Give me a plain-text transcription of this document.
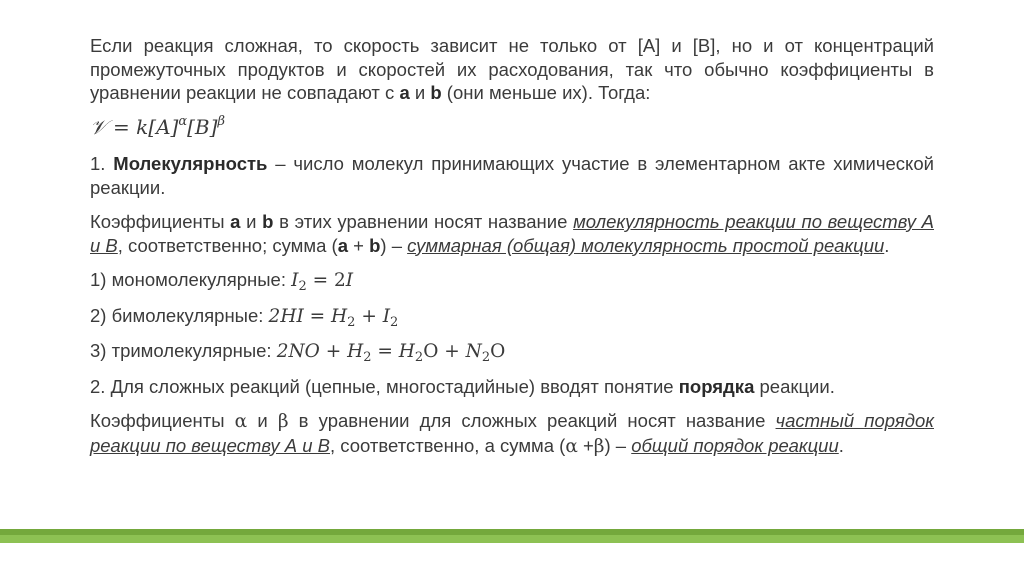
Если реакция сложная, то скорость зависит не только от [А] и [В], но и от концентраций промежуточных продуктов и скоростей их расходования, так что обычно коэффициенты в уравнении реакции не совпадают с а и b (они меньше их). Тогда:

𝒱 = $k[A]^\alpha[B]^\beta$

1. Молекулярность – число молекул принимающих участие в элементарном акте химической реакции.

Коэффициенты а и b в этих уравнении носят название молекулярность реакции по веществу А и В, соответственно; сумма (а + b) – суммарная (общая) молекулярность простой реакции.

1) мономолекулярные: $I_2 = 2I$

2) бимолекулярные: $2HI = H_2 + I_2$

3) тримолекулярные: $2NO + H_2 = H_2O + N_2O$

2. Для сложных реакций (цепные, многостадийные) вводят понятие порядка реакции.

Коэффициенты α и β в уравнении для сложных реакций носят название частный порядок реакции по веществу А и В, соответственно, а сумма (α +β) – общий порядок реакции.
